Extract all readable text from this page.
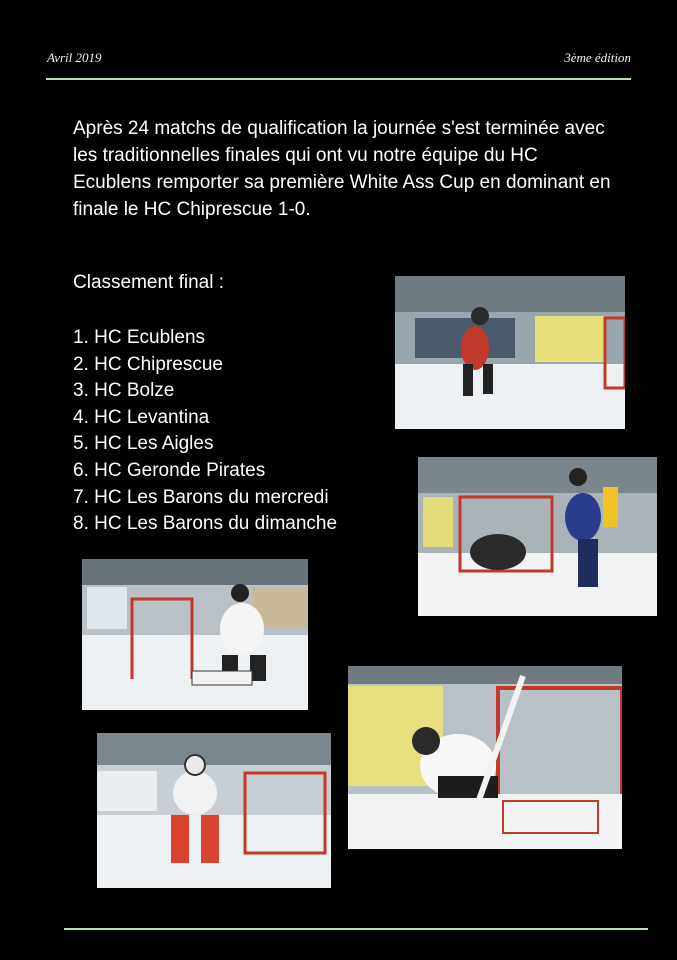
Avril 2019	3ème édition

Après 24 matchs de qualification la journée s'est terminée avec les traditionnelles finales qui ont vu notre équipe du HC Ecublens remporter sa première White Ass Cup en dominant en finale le HC Chiprescue 1-0.

Classement final :

1. HC Ecublens
2. HC Chiprescue
3. HC Bolze
4. HC Levantina
5. HC Les Aigles
6. HC Geronde Pirates
7. HC Les Barons du mercredi
8. HC Les Barons du dimanche
